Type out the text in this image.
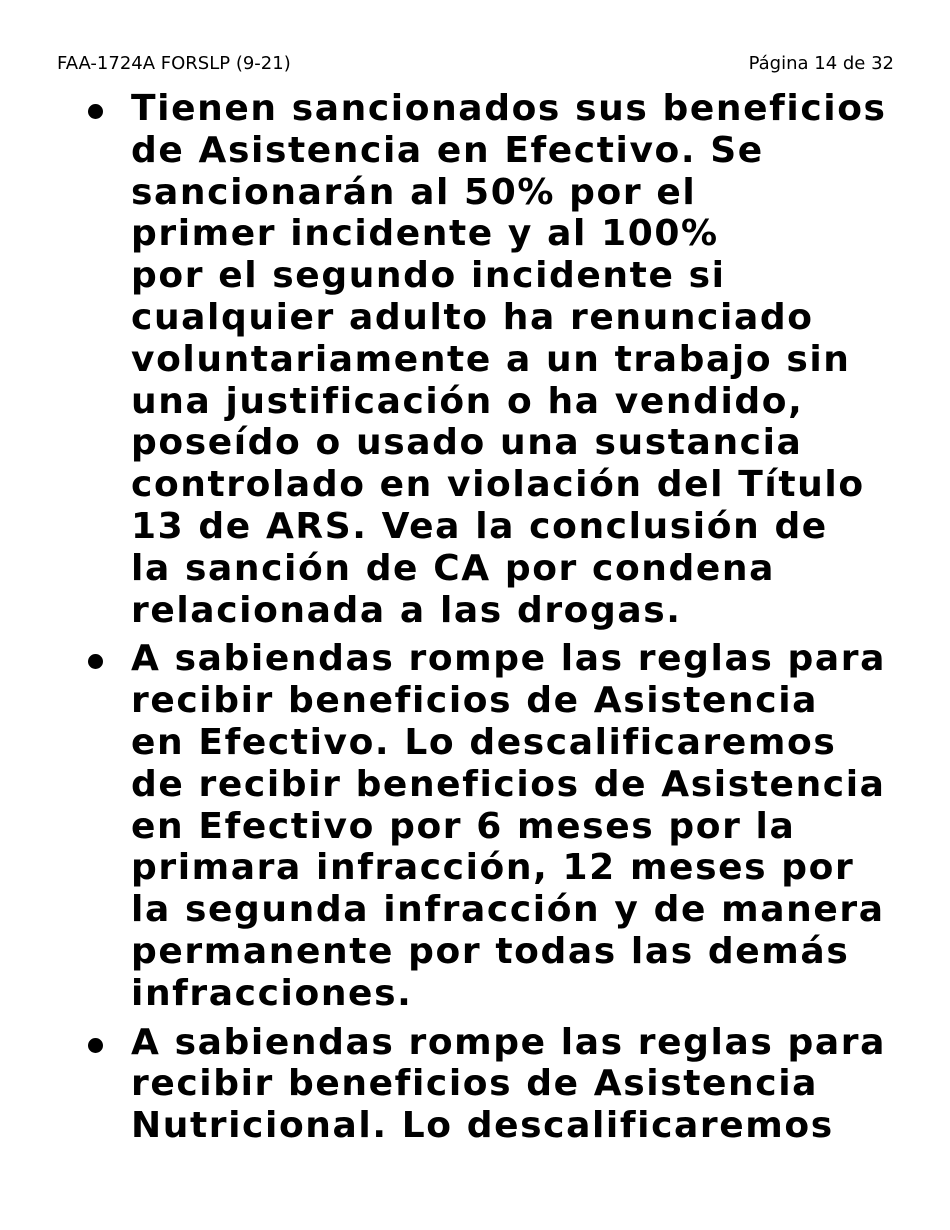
FAA-1724A FORSLP (9-21)	Página 14 de 32
Tienen sancionados sus beneficios
de Asistencia en Efectivo. Se
sancionarán al 50% por el
primer incidente y al 100%
por el segundo incidente si
cualquier adulto ha renunciado
voluntariamente a un trabajo sin
una justificación o ha vendido,
poseído o usado una sustancia
controlado en violación del Título
13 de ARS. Vea la conclusión de
la sanción de CA por condena
relacionada a las drogas.
A sabiendas rompe las reglas para
recibir beneficios de Asistencia
en Efectivo. Lo descalificaremos
de recibir beneficios de Asistencia
en Efectivo por 6 meses por la
primara infracción, 12 meses por
la segunda infracción y de manera
permanente por todas las demás
infracciones.
A sabiendas rompe las reglas para
recibir beneficios de Asistencia
Nutricional. Lo descalificaremos
